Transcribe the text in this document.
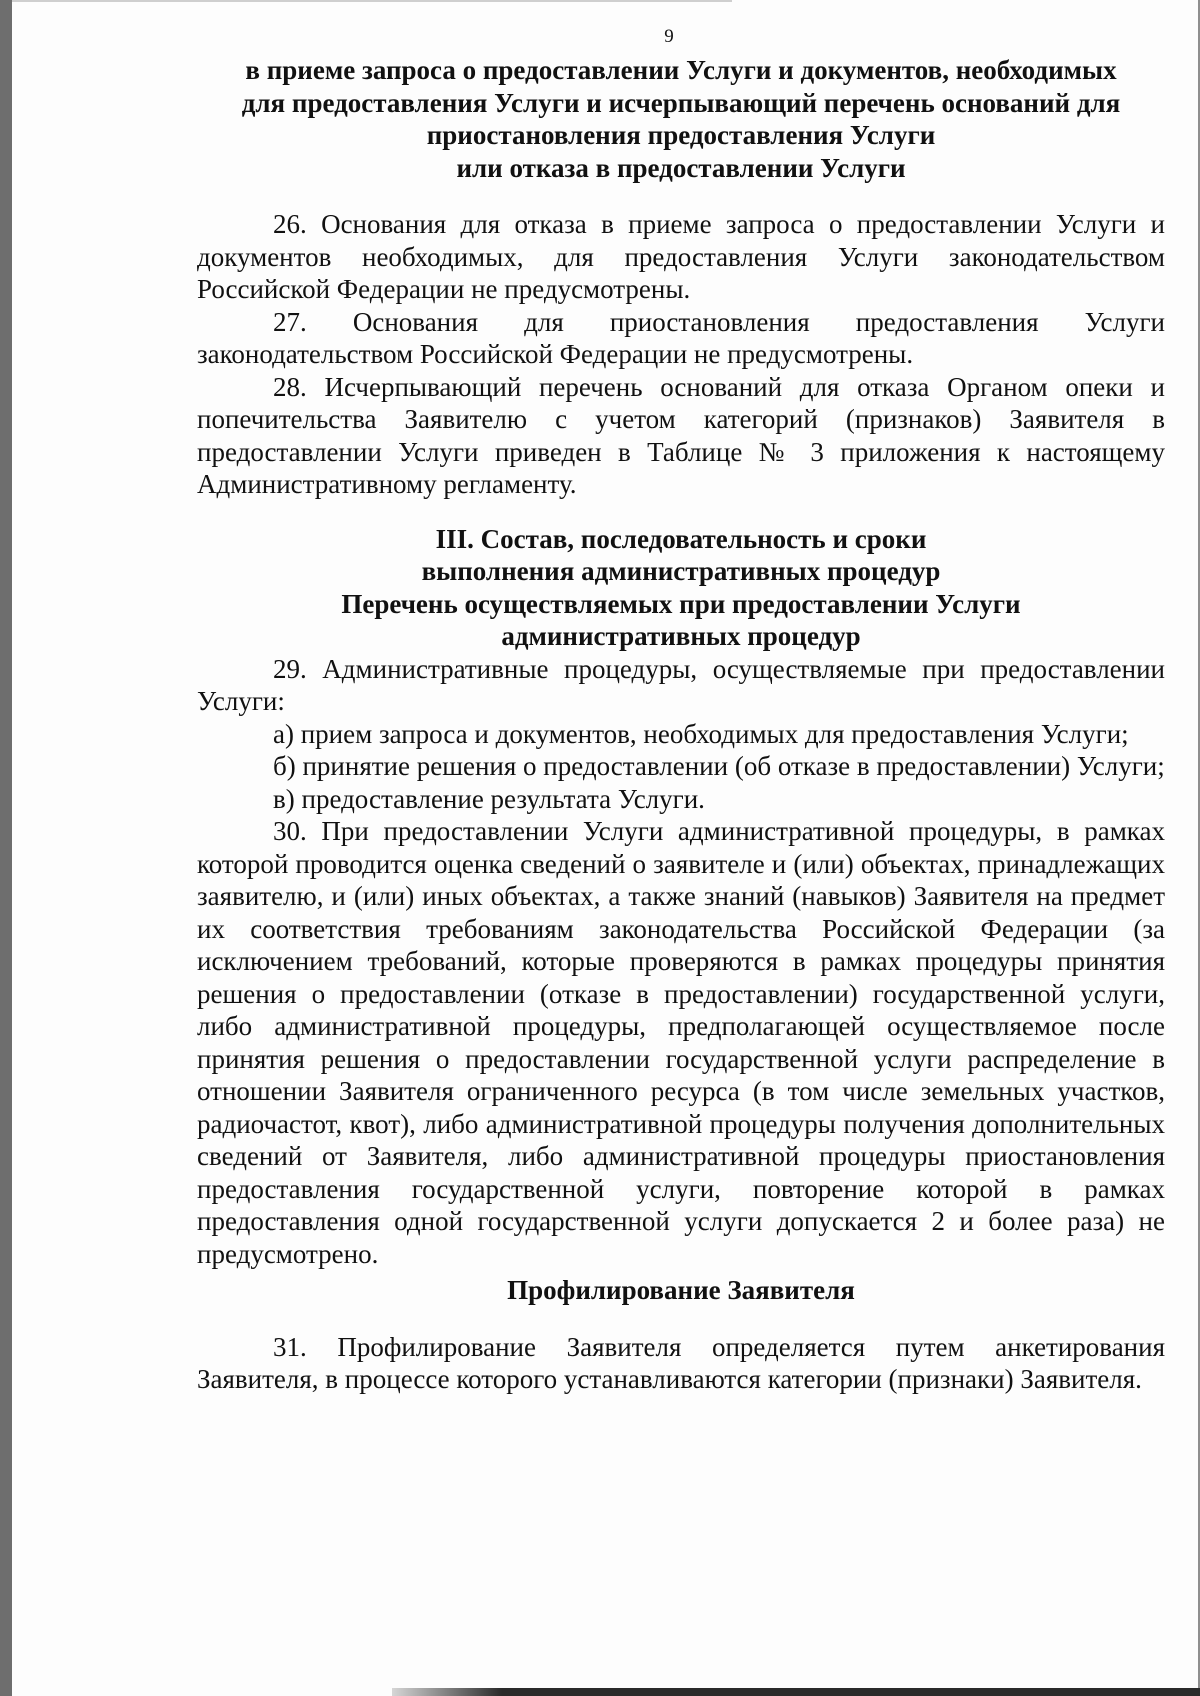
9
в приеме запроса о предоставлении Услуги и документов, необходимых
для предоставления Услуги и исчерпывающий перечень оснований для
приостановления предоставления Услуги
или отказа в предоставлении Услуги

26. Основания для отказа в приеме запроса о предоставлении Услуги и документов необходимых, для предоставления Услуги законодательством Российской Федерации не предусмотрены.

27. Основания для приостановления предоставления Услуги законодательством Российской Федерации не предусмотрены.

28. Исчерпывающий перечень оснований для отказа Органом опеки и попечительства Заявителю с учетом категорий (признаков) Заявителя в предоставлении Услуги приведен в Таблице № 3 приложения к настоящему Административному регламенту.

III. Состав, последовательность и сроки
выполнения административных процедур
Перечень осуществляемых при предоставлении Услуги
административных процедур

29. Административные процедуры, осуществляемые при предоставлении Услуги:

а) прием запроса и документов, необходимых для предоставления Услуги;

б) принятие решения о предоставлении (об отказе в предоставлении) Услуги;

в) предоставление результата Услуги.

30. При предоставлении Услуги административной процедуры, в рамках которой проводится оценка сведений о заявителе и (или) объектах, принадлежащих заявителю, и (или) иных объектах, а также знаний (навыков) Заявителя на предмет их соответствия требованиям законодательства Российской Федерации (за исключением требований, которые проверяются в рамках процедуры принятия решения о предоставлении (отказе в предоставлении) государственной услуги, либо административной процедуры, предполагающей осуществляемое после принятия решения о предоставлении государственной услуги распределение в отношении Заявителя ограниченного ресурса (в том числе земельных участков, радиочастот, квот), либо административной процедуры получения дополнительных сведений от Заявителя, либо административной процедуры приостановления предоставления государственной услуги, повторение которой в рамках предоставления одной государственной услуги допускается 2 и более раза) не предусмотрено.

Профилирование Заявителя

31. Профилирование Заявителя определяется путем анкетирования Заявителя, в процессе которого устанавливаются категории (признаки) Заявителя.
